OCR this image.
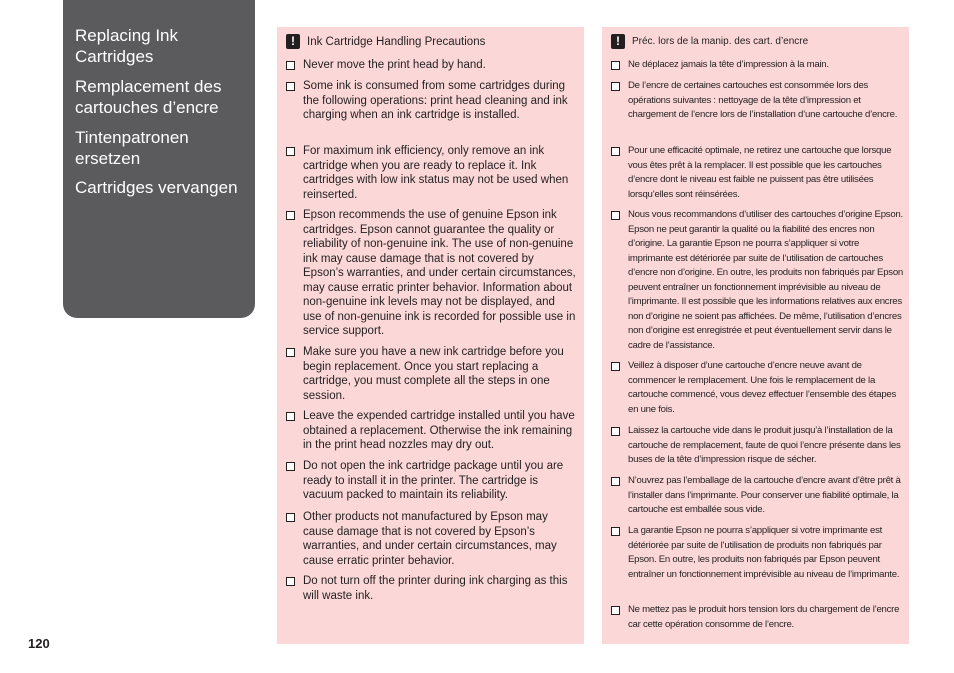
Replacing Ink Cartridges
Remplacement des cartouches d’encre
Tintenpatronen ersetzen
Cartridges vervangen
120
!	Ink Cartridge Handling Precautions
Never move the print head by hand.
Some ink is consumed from some cartridges during the following operations: print head cleaning and ink charging when an ink cartridge is installed.
For maximum ink efficiency, only remove an ink cartridge when you are ready to replace it. Ink cartridges with low ink status may not be used when reinserted.
Epson recommends the use of genuine Epson ink cartridges. Epson cannot guarantee the quality or reliability of non-genuine ink. The use of non-genuine ink may cause damage that is not covered by Epson’s warranties, and under certain circumstances, may cause erratic printer behavior. Information about non-genuine ink levels may not be displayed, and use of non-genuine ink is recorded for possible use in service support.
Make sure you have a new ink cartridge before you begin replacement. Once you start replacing a cartridge, you must complete all the steps in one session.
Leave the expended cartridge installed until you have obtained a replacement. Otherwise the ink remaining in the print head nozzles may dry out.
Do not open the ink cartridge package until you are ready to install it in the printer. The cartridge is vacuum packed to maintain its reliability.
Other products not manufactured by Epson may cause damage that is not covered by Epson’s warranties, and under certain circumstances, may cause erratic printer behavior.
Do not turn off the printer during ink charging as this will waste ink.
!	Préc. lors de la manip. des cart. d’encre
Ne déplacez jamais la tête d’impression à la main.
De l’encre de certaines cartouches est consommée lors des opérations suivantes : nettoyage de la tête d’impression et chargement de l’encre lors de l’installation d’une cartouche d’encre.
Pour une efficacité optimale, ne retirez une cartouche que lorsque vous êtes prêt à la remplacer. Il est possible que les cartouches d’encre dont le niveau est faible ne puissent pas être utilisées lorsqu’elles sont réinsérées.
Nous vous recommandons d’utiliser des cartouches d’origine Epson. Epson ne peut garantir la qualité ou la fiabilité des encres non d’origine. La garantie Epson ne pourra s’appliquer si votre imprimante est détériorée par suite de l’utilisation de cartouches d’encre non d’origine. En outre, les produits non fabriqués par Epson peuvent entraîner un fonctionnement imprévisible au niveau de l’imprimante. Il est possible que les informations relatives aux encres non d’origine ne soient pas affichées. De même, l’utilisation d’encres non d’origine est enregistrée et peut éventuellement servir dans le cadre de l’assistance.
Veillez à disposer d’une cartouche d’encre neuve avant de commencer le remplacement. Une fois le remplacement de la cartouche commencé, vous devez effectuer l’ensemble des étapes en une fois.
Laissez la cartouche vide dans le produit jusqu’à l’installation de la cartouche de remplacement, faute de quoi l’encre présente dans les buses de la tête d’impression risque de sécher.
N’ouvrez pas l’emballage de la cartouche d’encre avant d’être prêt à l’installer dans l’imprimante. Pour conserver une fiabilité optimale, la cartouche est emballée sous vide.
La garantie Epson ne pourra s’appliquer si votre imprimante est détériorée par suite de l’utilisation de produits non fabriqués par Epson. En outre, les produits non fabriqués par Epson peuvent entraîner un fonctionnement imprévisible au niveau de l’imprimante.
Ne mettez pas le produit hors tension lors du chargement de l’encre car cette opération consomme de l’encre.
